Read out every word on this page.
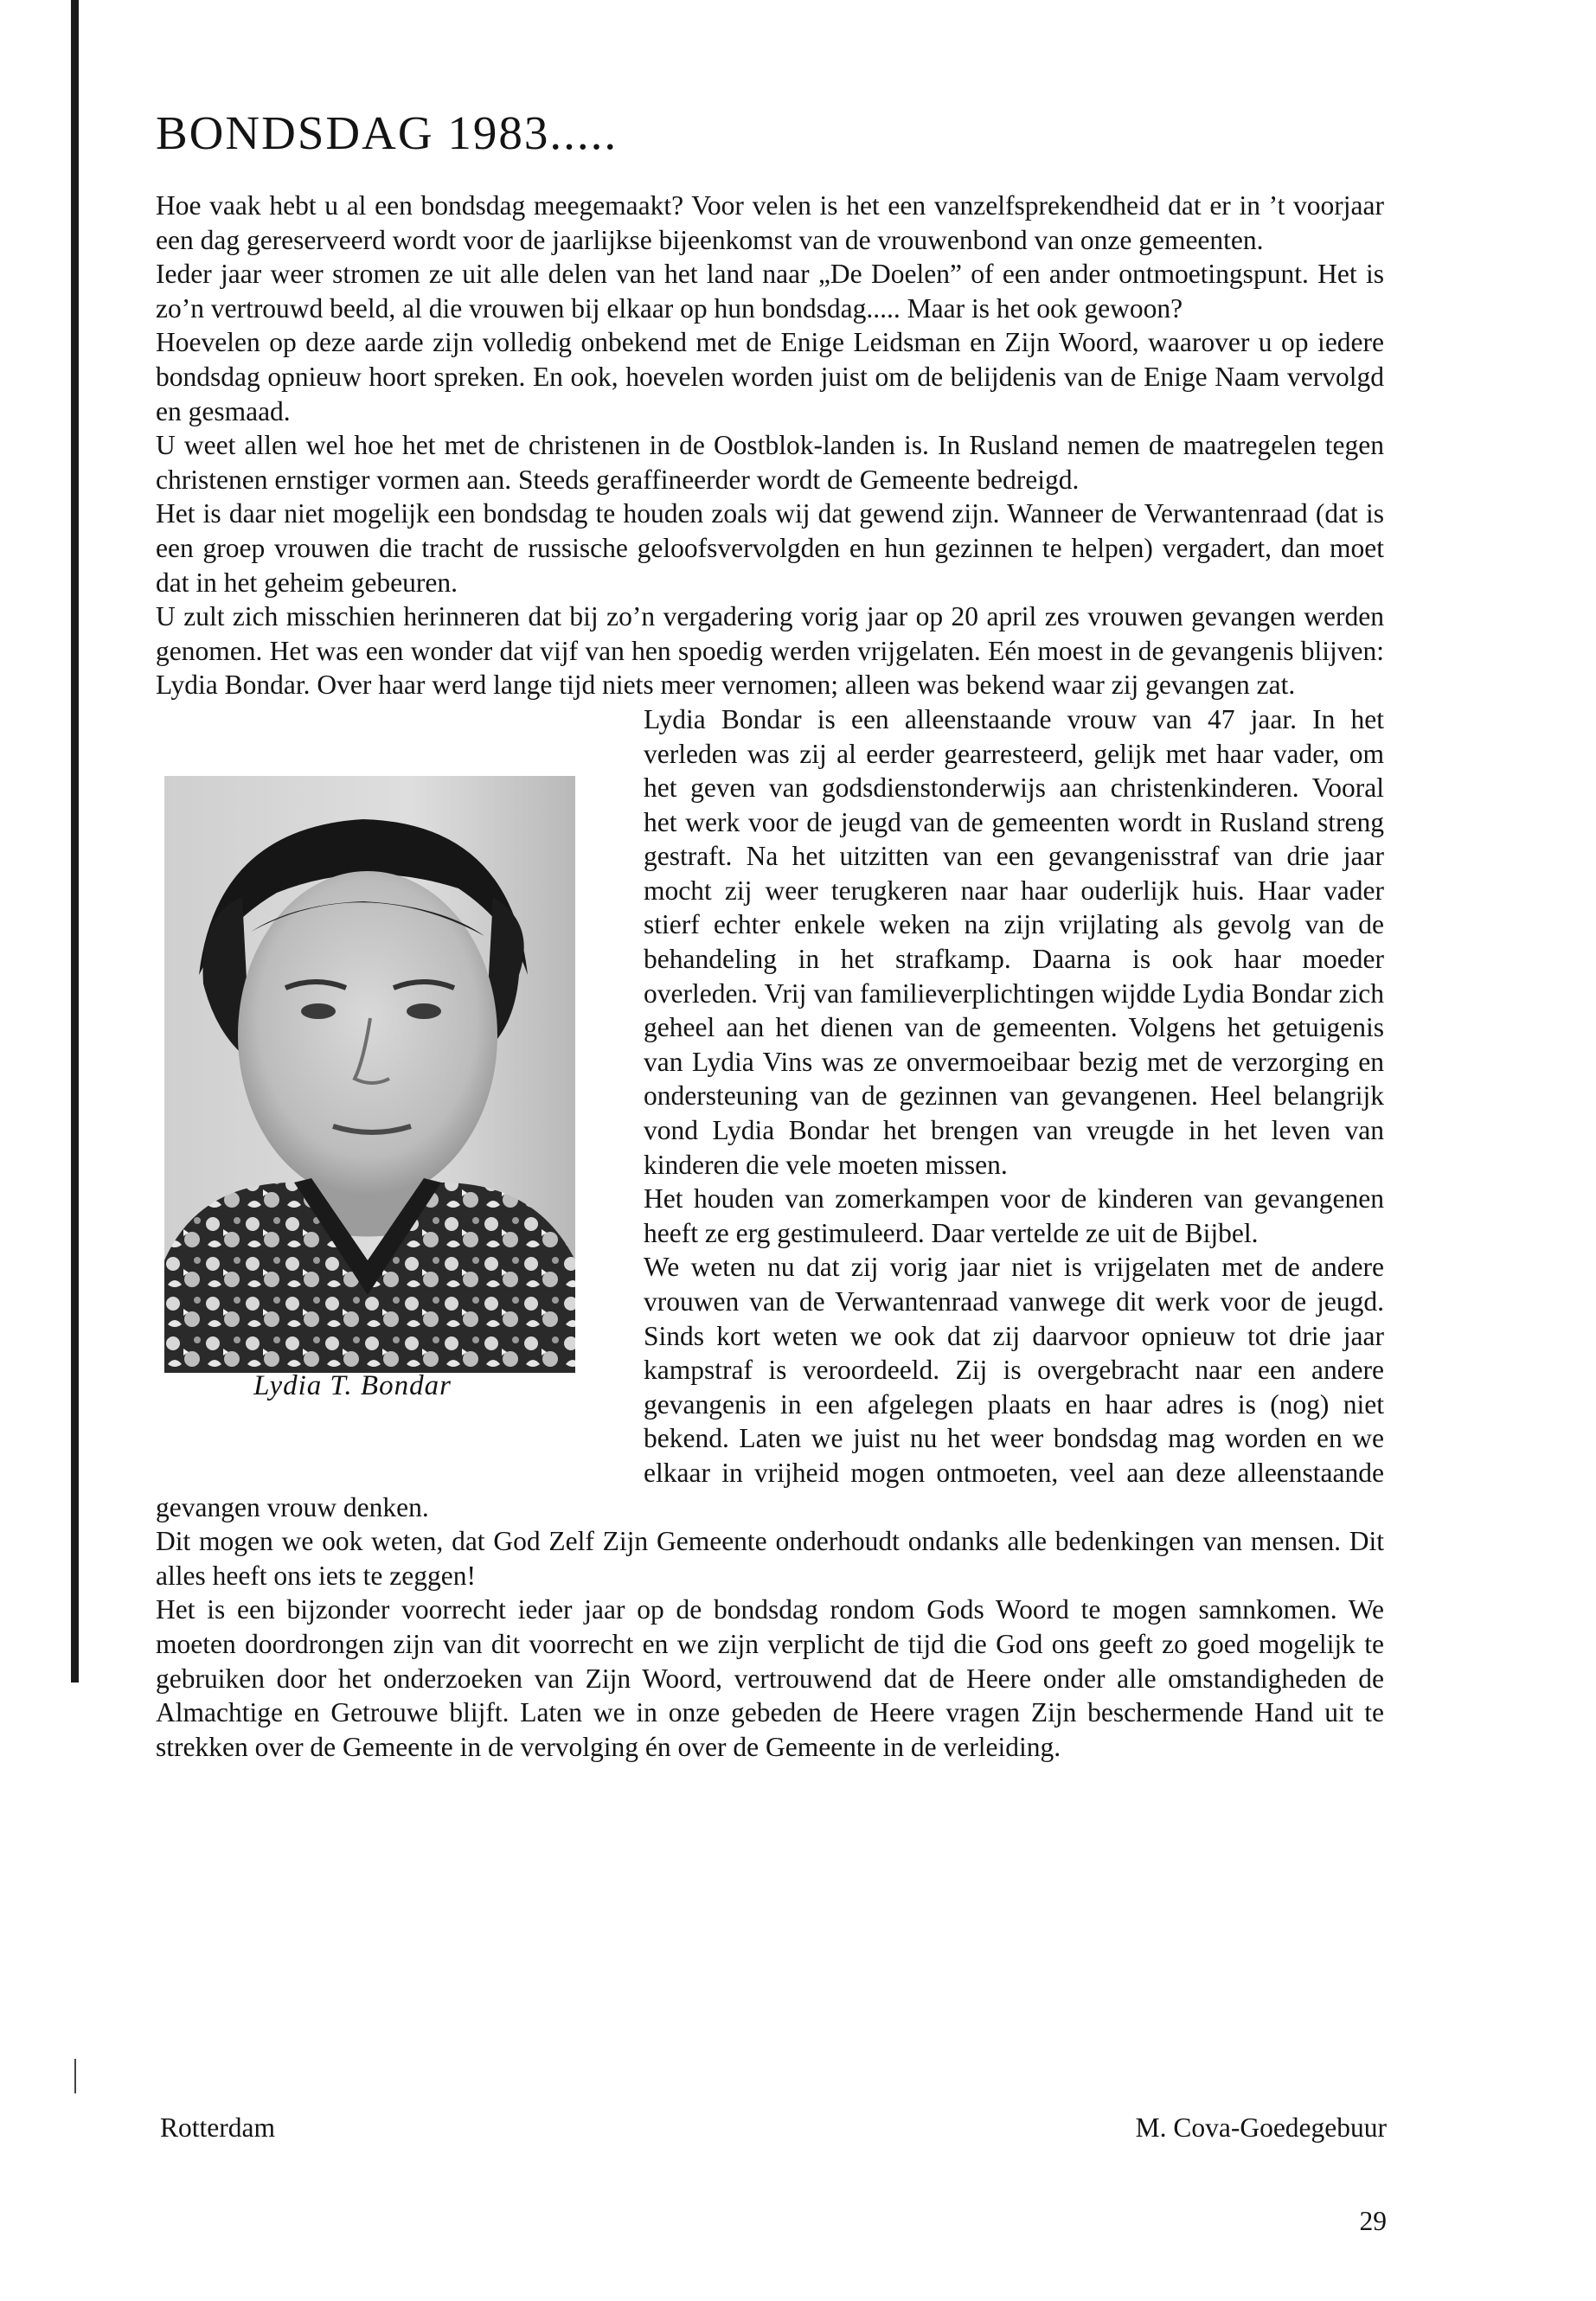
BONDSDAG 1983.....

Hoe vaak hebt u al een bondsdag meegemaakt? Voor velen is het een vanzelfsprekendheid dat er in ’t voorjaar een dag gereserveerd wordt voor de jaarlijkse bijeenkomst van de vrouwenbond van onze gemeenten.

Ieder jaar weer stromen ze uit alle delen van het land naar „De Doelen” of een ander ontmoetingspunt. Het is zo’n vertrouwd beeld, al die vrouwen bij elkaar op hun bondsdag..... Maar is het ook gewoon?

Hoevelen op deze aarde zijn volledig onbekend met de Enige Leidsman en Zijn Woord, waarover u op iedere bondsdag opnieuw hoort spreken. En ook, hoevelen worden juist om de belijdenis van de Enige Naam vervolgd en gesmaad.

U weet allen wel hoe het met de christenen in de Oostblok-landen is. In Rusland nemen de maatregelen tegen christenen ernstiger vormen aan. Steeds geraffineerder wordt de Gemeente bedreigd.

Het is daar niet mogelijk een bondsdag te houden zoals wij dat gewend zijn. Wanneer de Verwantenraad (dat is een groep vrouwen die tracht de russische geloofsvervolgden en hun gezinnen te helpen) vergadert, dan moet dat in het geheim gebeuren.

U zult zich misschien herinneren dat bij zo’n vergadering vorig jaar op 20 april zes vrouwen gevangen werden genomen. Het was een wonder dat vijf van hen spoedig werden vrijgelaten. Eén moest in de gevangenis blijven: Lydia Bondar. Over haar werd lange tijd niets meer vernomen; alleen was bekend waar zij gevangen zat.

Lydia T. Bondar

Lydia Bondar is een alleenstaande vrouw van 47 jaar. In het verleden was zij al eerder gearresteerd, gelijk met haar vader, om het geven van godsdienstonderwijs aan christenkinderen. Vooral het werk voor de jeugd van de gemeenten wordt in Rusland streng gestraft. Na het uitzitten van een gevangenisstraf van drie jaar mocht zij weer terugkeren naar haar ouderlijk huis. Haar vader stierf echter enkele weken na zijn vrijlating als gevolg van de behandeling in het strafkamp. Daarna is ook haar moeder overleden. Vrij van familieverplichtingen wijdde Lydia Bondar zich geheel aan het dienen van de gemeenten. Volgens het getuigenis van Lydia Vins was ze onvermoeibaar bezig met de verzorging en ondersteuning van de gezinnen van gevangenen. Heel belangrijk vond Lydia Bondar het brengen van vreugde in het leven van kinderen die vele moeten missen.

Het houden van zomerkampen voor de kinderen van gevangenen heeft ze erg gestimuleerd. Daar vertelde ze uit de Bijbel.

We weten nu dat zij vorig jaar niet is vrijgelaten met de andere vrouwen van de Verwantenraad vanwege dit werk voor de jeugd. Sinds kort weten we ook dat zij daarvoor opnieuw tot drie jaar kampstraf is veroordeeld. Zij is overgebracht naar een andere gevangenis in een afgelegen plaats en haar adres is (nog) niet bekend. Laten we juist nu het weer bondsdag mag worden en we elkaar in vrijheid mogen ontmoeten, veel aan deze alleenstaande gevangen vrouw denken.

Dit mogen we ook weten, dat God Zelf Zijn Gemeente onderhoudt ondanks alle bedenkingen van mensen. Dit alles heeft ons iets te zeggen!

Het is een bijzonder voorrecht ieder jaar op de bondsdag rondom Gods Woord te mogen samnkomen. We moeten doordrongen zijn van dit voorrecht en we zijn verplicht de tijd die God ons geeft zo goed mogelijk te gebruiken door het onderzoeken van Zijn Woord, vertrouwend dat de Heere onder alle omstandigheden de Almachtige en Getrouwe blijft. Laten we in onze gebeden de Heere vragen Zijn beschermende Hand uit te strekken over de Gemeente in de vervolging én over de Gemeente in de verleiding.

Rotterdam	M. Cova-Goedegebuur
29
